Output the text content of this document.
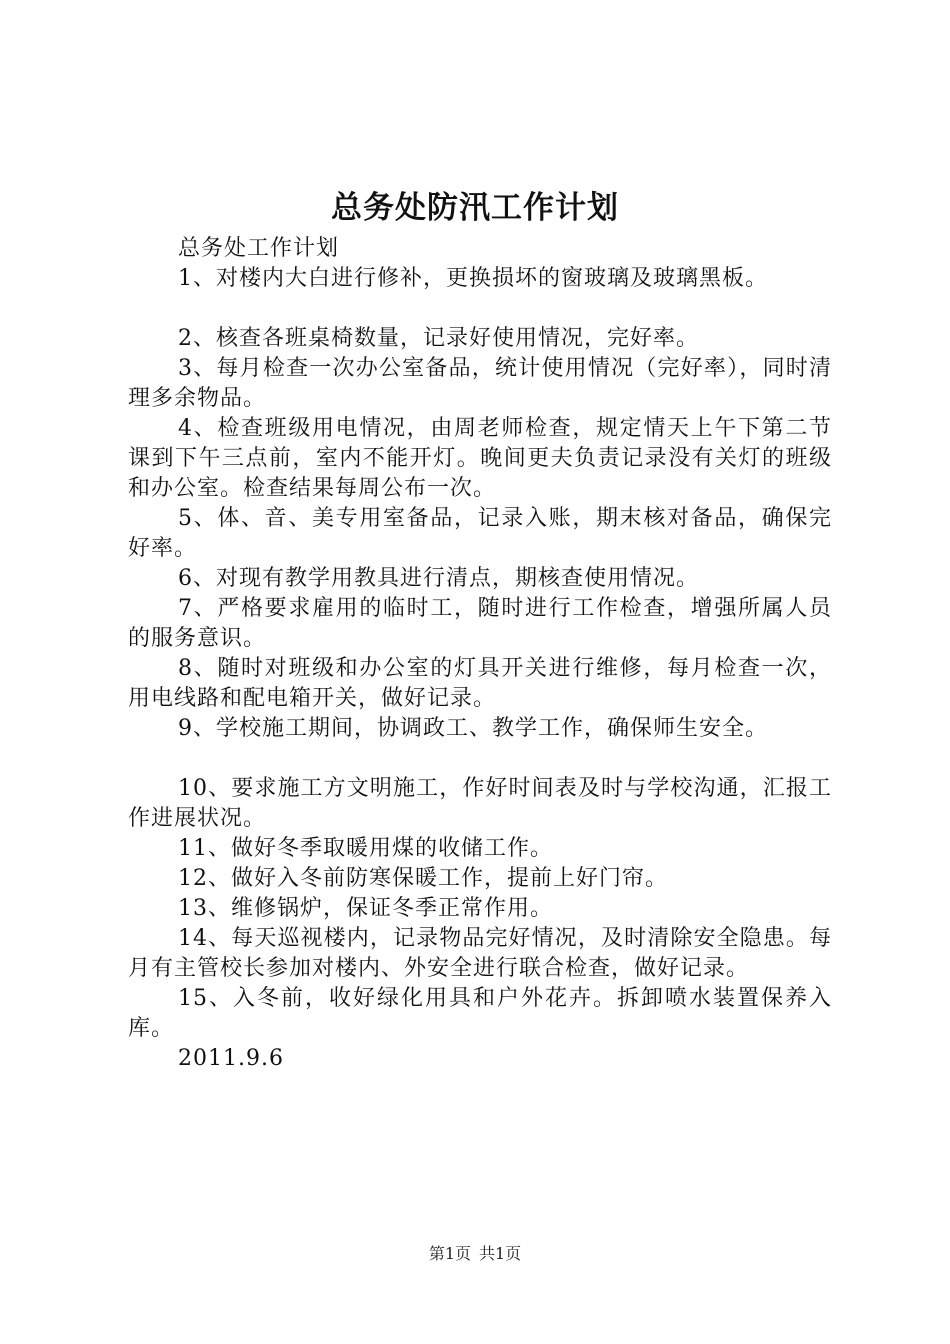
总务处防汛工作计划

总务处工作计划

1、对楼内大白进行修补，更换损坏的窗玻璃及玻璃黑板。

2、核查各班桌椅数量，记录好使用情况，完好率。

3、每月检查一次办公室备品，统计使用情况（完好率），同时清理多余物品。

4、检查班级用电情况，由周老师检查，规定情天上午下第二节课到下午三点前，室内不能开灯。晚间更夫负责记录没有关灯的班级和办公室。检查结果每周公布一次。

5、体、音、美专用室备品，记录入账，期末核对备品，确保完好率。

6、对现有教学用教具进行清点，期核查使用情况。

7、严格要求雇用的临时工，随时进行工作检查，增强所属人员的服务意识。

8、随时对班级和办公室的灯具开关进行维修，每月检查一次，用电线路和配电箱开关，做好记录。

9、学校施工期间，协调政工、教学工作，确保师生安全。

10、要求施工方文明施工，作好时间表及时与学校沟通，汇报工作进展状况。

11、做好冬季取暖用煤的收储工作。

12、做好入冬前防寒保暖工作，提前上好门帘。

13、维修锅炉，保证冬季正常作用。

14、每天巡视楼内，记录物品完好情况，及时清除安全隐患。每月有主管校长参加对楼内、外安全进行联合检查，做好记录。

15、入冬前，收好绿化用具和户外花卉。拆卸喷水装置保养入库。

2011.9.6

第1页 共1页
